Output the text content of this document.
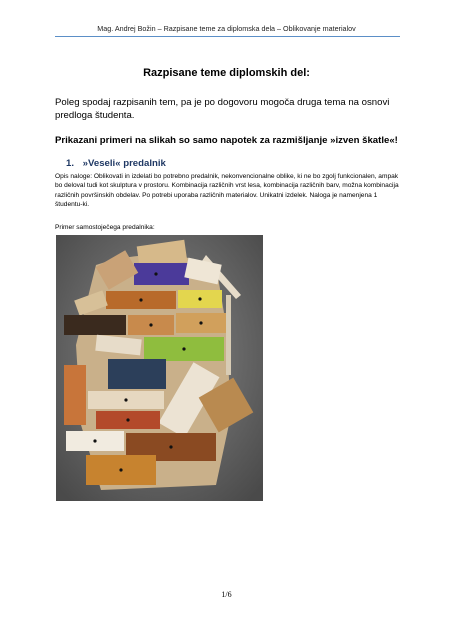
Mag. Andrej Božin – Razpisane teme za diplomska dela – Oblikovanje materialov
Razpisane teme diplomskih del:
Poleg spodaj razpisanih tem, pa je po dogovoru mogoča druga tema na osnovi predloga študenta.
Prikazani primeri na slikah so samo napotek za razmišljanje »izven škatle«!
1. »Veseli« predalnik
Opis naloge: Oblikovati in izdelati bo potrebno predalnik, nekonvencionalne oblike, ki ne bo zgolj funkcionalen, ampak bo deloval tudi kot skulptura v prostoru. Kombinacija različnih vrst lesa, kombinacija različnih barv, možna kombinacija različnih površinskih obdelav. Po potrebi uporaba različnih materialov. Unikatni izdelek. Naloga je namenjena 1 študentu-ki.
Primer samostoječega predalnika:
1/6
